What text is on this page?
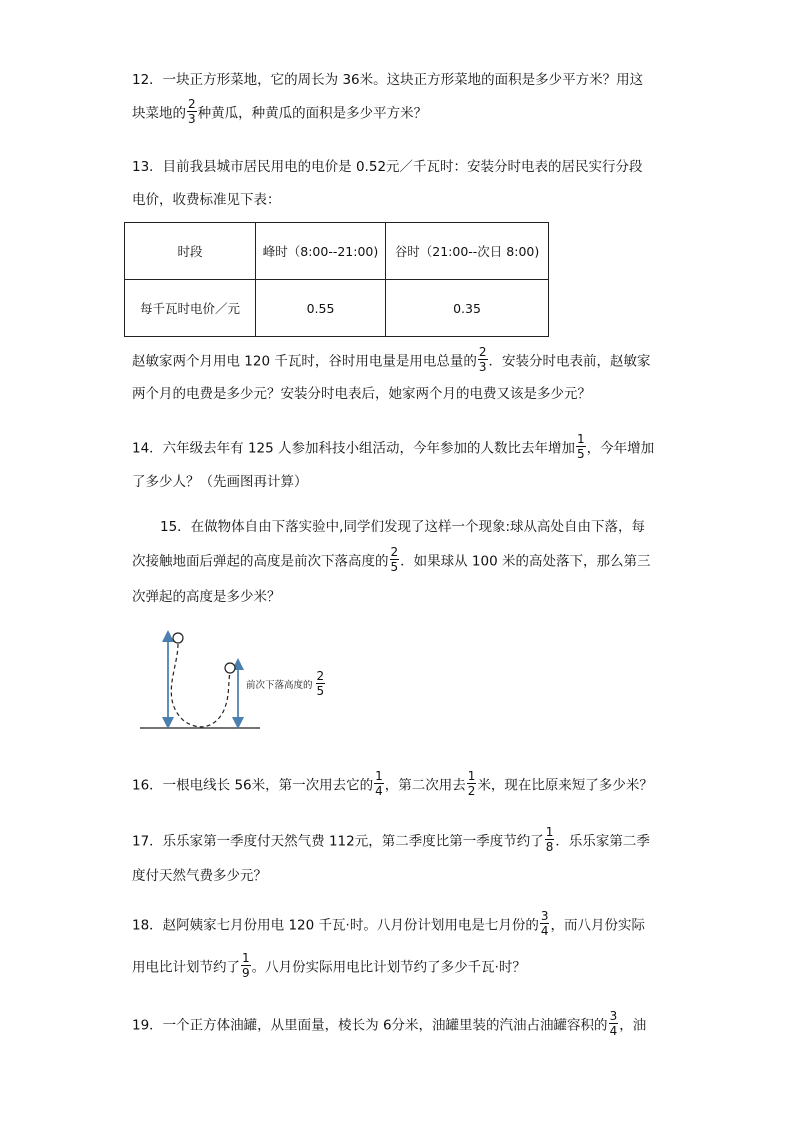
12．一块正方形菜地，它的周长为 36米。这块正方形菜地的面积是多少平方米？用这
块菜地的 $\frac{2}{3}$ 种黄瓜，种黄瓜的面积是多少平方米？
13．目前我县城市居民用电的电价是 0.52元／千瓦时：安装分时电表的居民实行分段
电价，收费标准见下表：
时段	峰时（8:00--21:00)	谷时（21:00--次日 8:00)
每千瓦时电价／元	0.55	0.35
赵敏家两个月用电 120 千瓦时，谷时用电量是用电总量的 $\frac{2}{3}$ ．安装分时电表前，赵敏家
两个月的电费是多少元？安装分时电表后，她家两个月的电费又该是多少元？
14．六年级去年有 125 人参加科技小组活动，今年参加的人数比去年增加 $\frac{1}{5}$ ，今年增加
了多少人？（先画图再计算）
15．在做物体自由下落实验中,同学们发现了这样一个现象:球从高处自由下落，每
次接触地面后弹起的高度是前次下落高度的 $\frac{2}{5}$ ．如果球从 100 米的高处落下，那么第三
次弹起的高度是多少米？
前次下落高度的 $\frac{2}{5}$
16．一根电线长 56米，第一次用去它的 $\frac{1}{4}$ ，第二次用去 $\frac{1}{2}$ 米，现在比原来短了多少米？
17．乐乐家第一季度付天然气费 112元，第二季度比第一季度节约了 $\frac{1}{8}$ ．乐乐家第二季
度付天然气费多少元？
18．赵阿姨家七月份用电 120 千瓦·时。八月份计划用电是七月份的 $\frac{3}{4}$ ，而八月份实际
用电比计划节约了 $\frac{1}{9}$ 。八月份实际用电比计划节约了多少千瓦·时？
19．一个正方体油罐，从里面量，棱长为 6分米，油罐里装的汽油占油罐容积的 $\frac{3}{4}$ ，油
